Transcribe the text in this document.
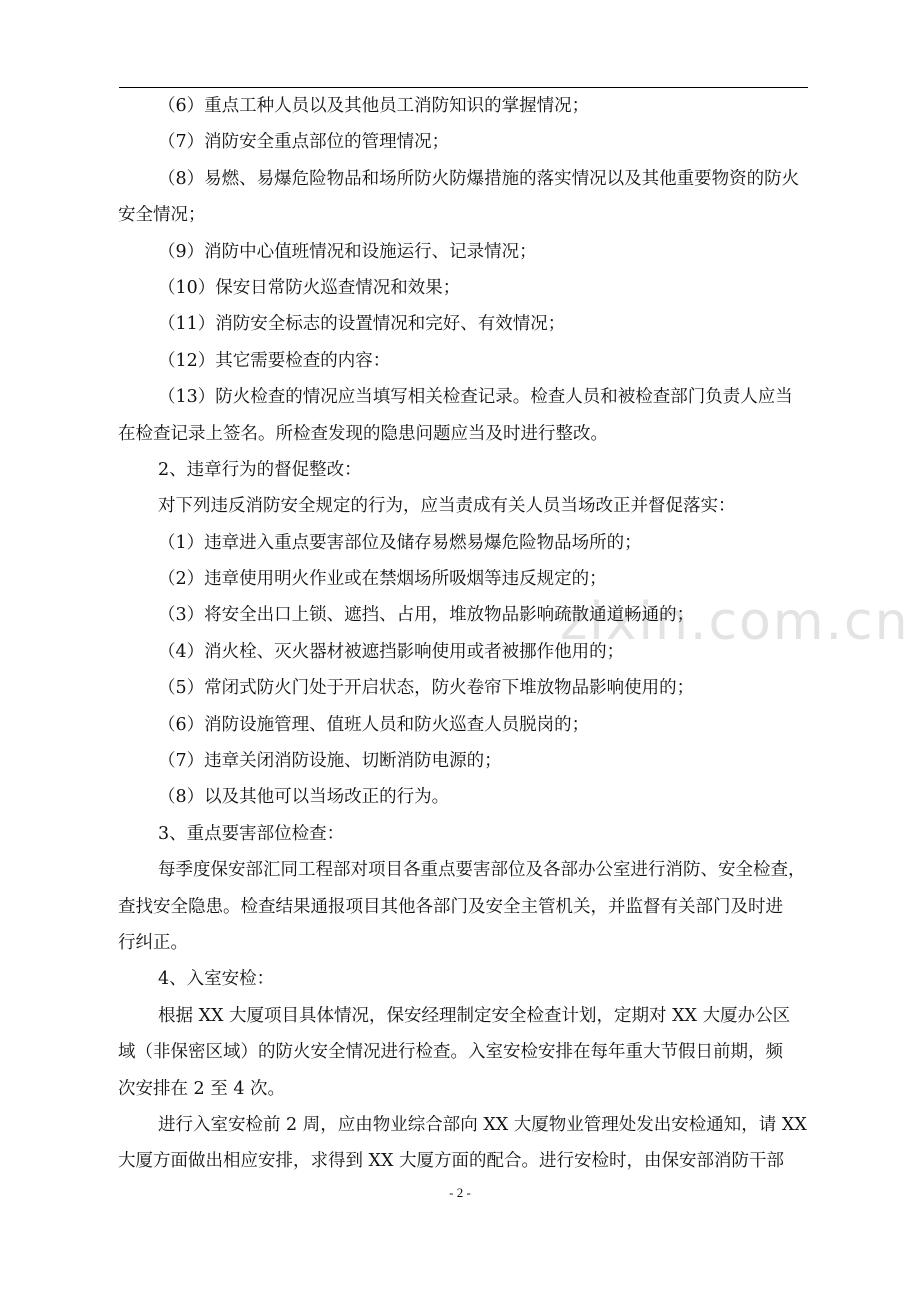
zixin.com.cn
（6）重点工种人员以及其他员工消防知识的掌握情况；
（7）消防安全重点部位的管理情况；
（8）易燃、易爆危险物品和场所防火防爆措施的落实情况以及其他重要物资的防火
安全情况；
（9）消防中心值班情况和设施运行、记录情况；
（10）保安日常防火巡查情况和效果；
（11）消防安全标志的设置情况和完好、有效情况；
（12）其它需要检查的内容：
（13）防火检查的情况应当填写相关检查记录。检查人员和被检查部门负责人应当
在检查记录上签名。所检查发现的隐患问题应当及时进行整改。
2、违章行为的督促整改：
对下列违反消防安全规定的行为，应当责成有关人员当场改正并督促落实：
（1）违章进入重点要害部位及储存易燃易爆危险物品场所的；
（2）违章使用明火作业或在禁烟场所吸烟等违反规定的；
（3）将安全出口上锁、遮挡、占用，堆放物品影响疏散通道畅通的；
（4）消火栓、灭火器材被遮挡影响使用或者被挪作他用的；
（5）常闭式防火门处于开启状态，防火卷帘下堆放物品影响使用的；
（6）消防设施管理、值班人员和防火巡查人员脱岗的；
（7）违章关闭消防设施、切断消防电源的；
（8）以及其他可以当场改正的行为。
3、重点要害部位检查：
每季度保安部汇同工程部对项目各重点要害部位及各部办公室进行消防、安全检查，
查找安全隐患。检查结果通报项目其他各部门及安全主管机关，并监督有关部门及时进
行纠正。
4、入室安检：
根据 XX 大厦项目具体情况，保安经理制定安全检查计划，定期对 XX 大厦办公区
域（非保密区域）的防火安全情况进行检查。入室安检安排在每年重大节假日前期，频
次安排在 2 至 4 次。
进行入室安检前 2 周，应由物业综合部向 XX 大厦物业管理处发出安检通知，请 XX
大厦方面做出相应安排，求得到 XX 大厦方面的配合。进行安检时，由保安部消防干部
- 2 -
